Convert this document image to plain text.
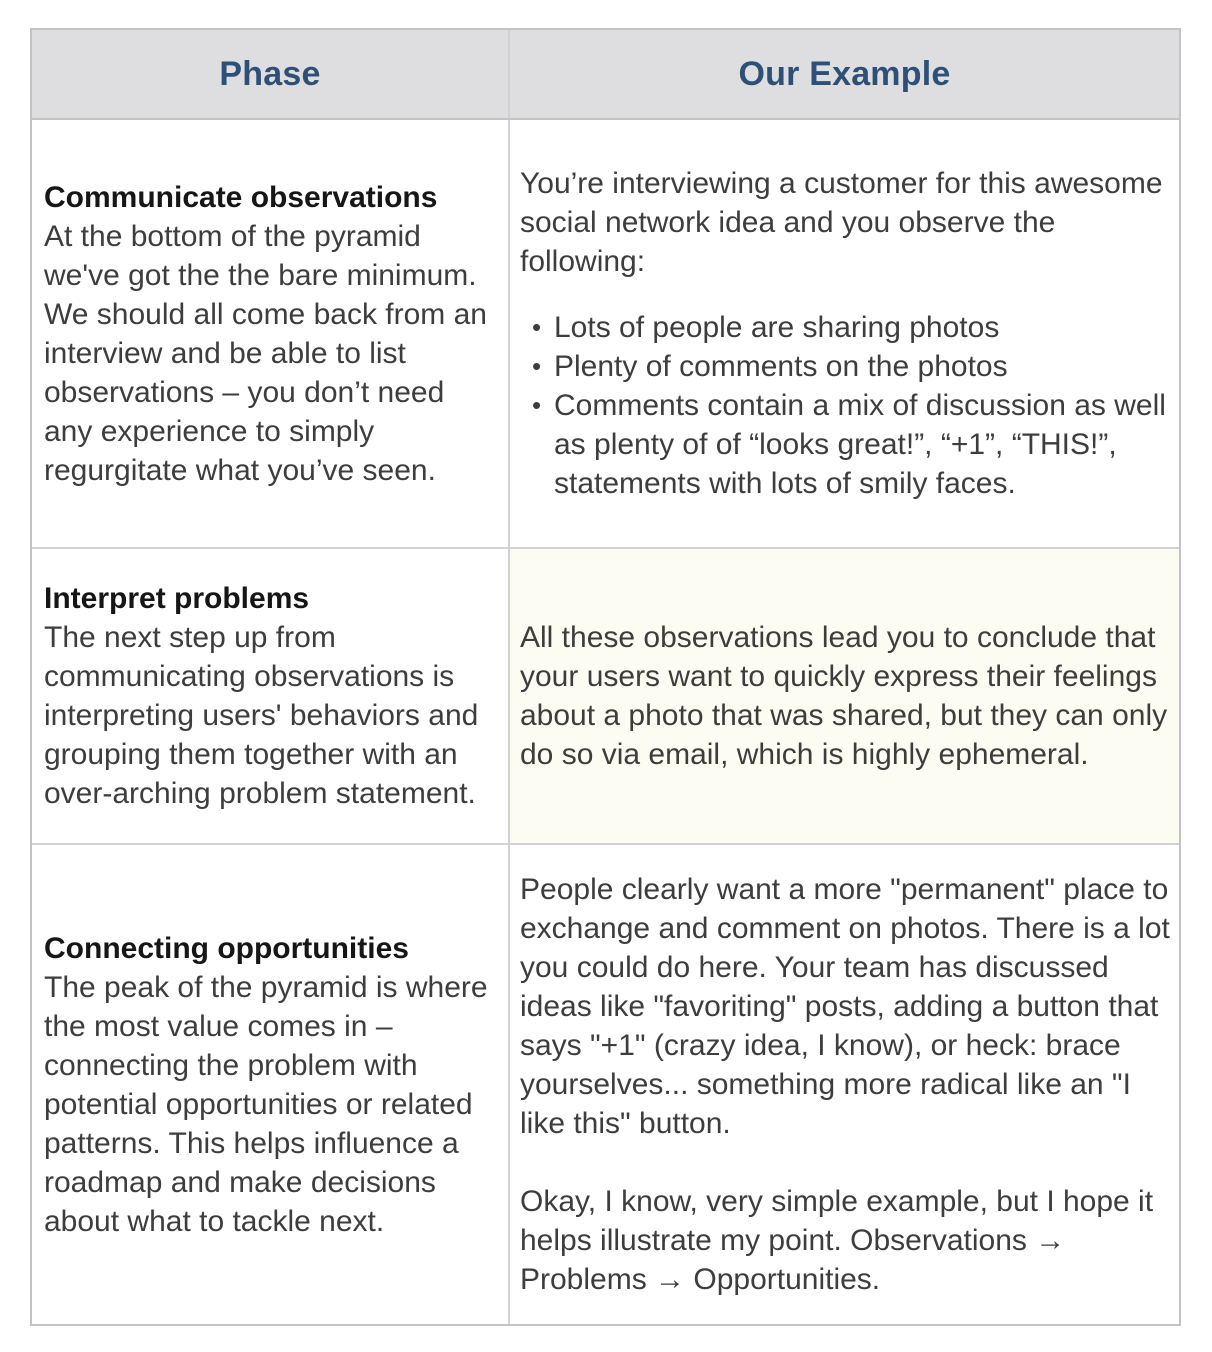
Phase	Our Example
Communicate observations
At the bottom of the pyramid we've got the the bare minimum. We should all come back from an interview and be able to list observations – you don’t need any experience to simply regurgitate what you’ve seen.
You’re interviewing a customer for this awesome social network idea and you observe the following:
• Lots of people are sharing photos
• Plenty of comments on the photos
• Comments contain a mix of discussion as well as plenty of of “looks great!”, “+1”, “THIS!”, statements with lots of smily faces.
Interpret problems
The next step up from communicating observations is interpreting users' behaviors and grouping them together with an over-arching problem statement.
All these observations lead you to conclude that your users want to quickly express their feelings about a photo that was shared, but they can only do so via email, which is highly ephemeral.
Connecting opportunities
The peak of the pyramid is where the most value comes in – connecting the problem with potential opportunities or related patterns. This helps influence a roadmap and make decisions about what to tackle next.
People clearly want a more "permanent" place to exchange and comment on photos. There is a lot you could do here. Your team has discussed ideas like "favoriting" posts, adding a button that says "+1" (crazy idea, I know), or heck: brace yourselves... something more radical like an "I like this" button.
Okay, I know, very simple example, but I hope it helps illustrate my point. Observations → Problems → Opportunities.
